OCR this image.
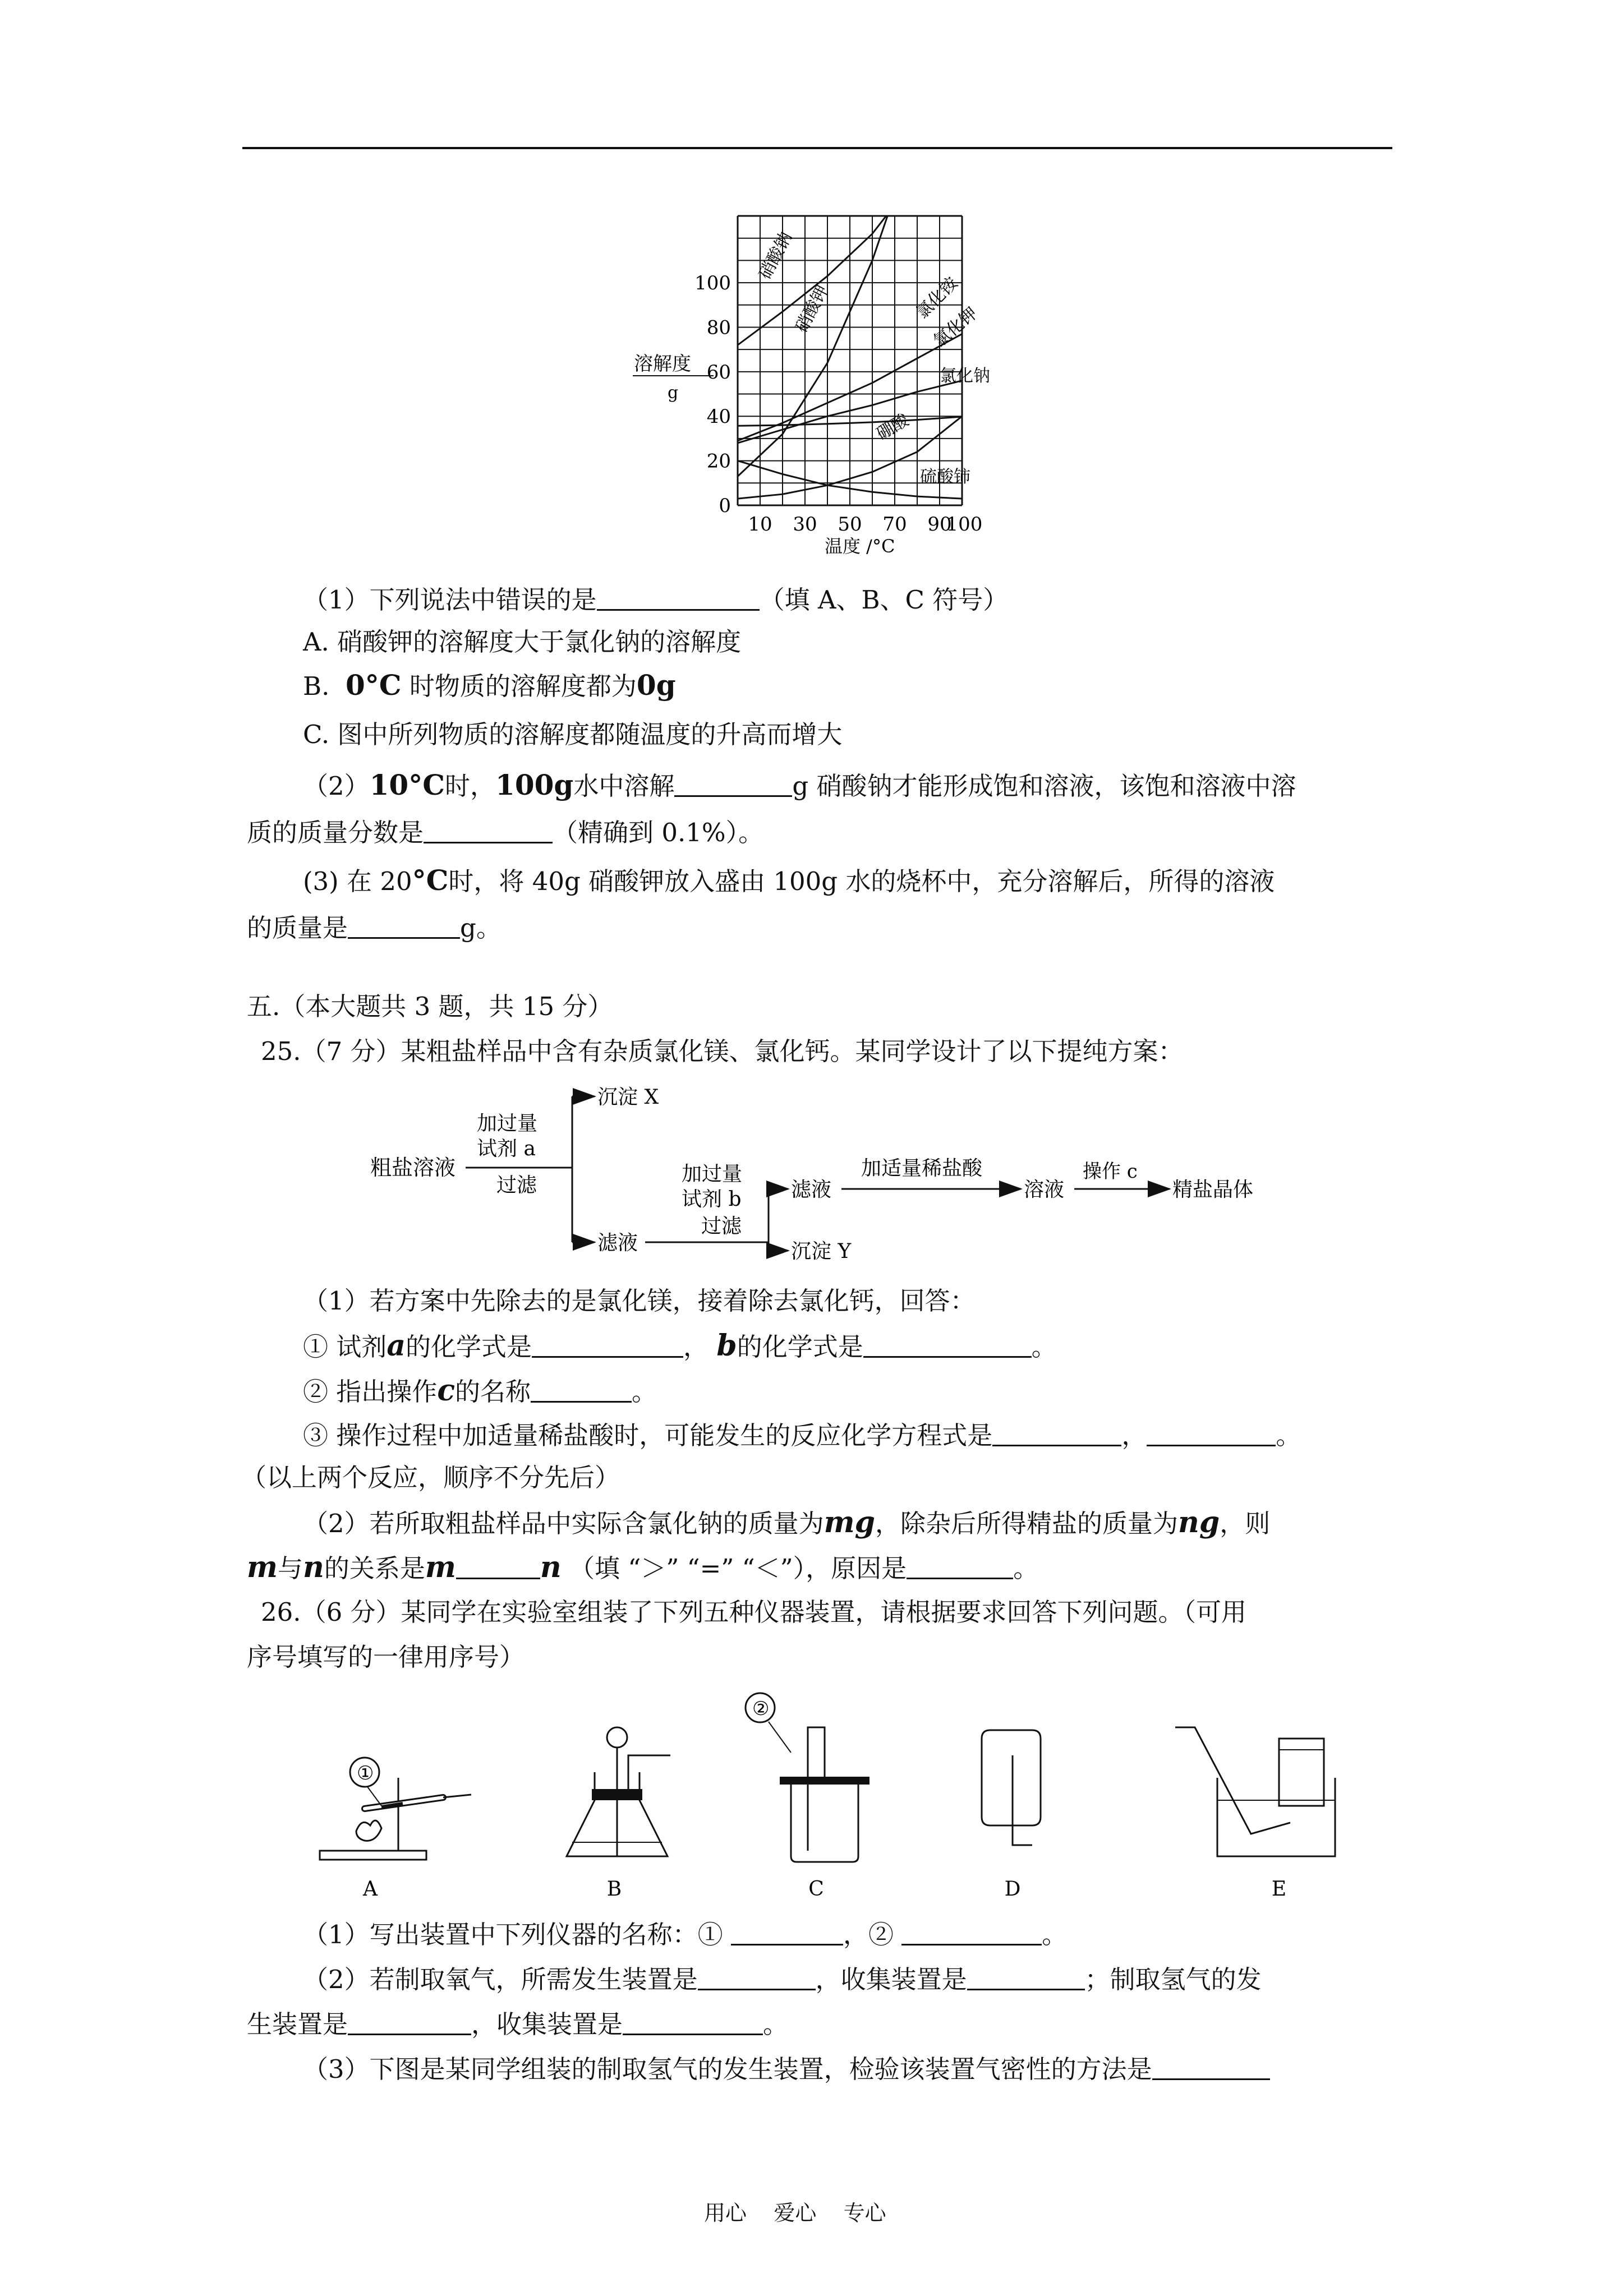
0
20
40
60
80
100
10 30 50 70 90
100
溶解度
g
温度 /°C
硝酸钠
硝酸钾	氯化铵
氯化钾
氯化钠
硼酸
硫酸铈
（1）下列说法中错误的是	（填 A、B、C 符号）
A. 硝酸钾的溶解度大于氯化钠的溶解度
B. 0°C 时物质的溶解度都为0g
C. 图中所列物质的溶解度都随温度的升高而增大
（2）10°C时，100g水中溶解	g 硝酸钠才能形成饱和溶液，该饱和溶液中溶
质的质量分数是	（精确到 0.1%）。
(3) 在 20°C时，将 40g 硝酸钾放入盛由 100g 水的烧杯中，充分溶解后，所得的溶液
的质量是	g。
五.（本大题共 3 题，共 15 分）
25.（7 分）某粗盐样品中含有杂质氯化镁、氯化钙。某同学设计了以下提纯方案：
粗盐溶液
加过量
试剂 a
过滤
沉淀 X
滤液
加过量
试剂 b
过滤
滤液
沉淀 Y
加适量稀盐酸
溶液
操作 c
精盐晶体
（1）若方案中先除去的是氯化镁，接着除去氯化钙，回答：
① 试剂a的化学式是	， b的化学式是	。
② 指出操作c的名称	。
③ 操作过程中加适量稀盐酸时，可能发生的反应化学方程式是	，	。
（以上两个反应，顺序不分先后）
（2）若所取粗盐样品中实际含氯化钠的质量为mg，除杂后所得精盐的质量为ng，则
m与n的关系是m	n （填 “＞” “=” “＜”），原因是	。
26.（6 分）某同学在实验室组装了下列五种仪器装置，请根据要求回答下列问题。（可用
序号填写的一律用序号）
①
②
A	B	C	D	E
（1）写出装置中下列仪器的名称：①	，②	。
（2）若制取氧气，所需发生装置是	，收集装置是	；制取氢气的发
生装置是	，收集装置是	。
（3）下图是某同学组装的制取氢气的发生装置，检验该装置气密性的方法是
用心    爱心    专心
